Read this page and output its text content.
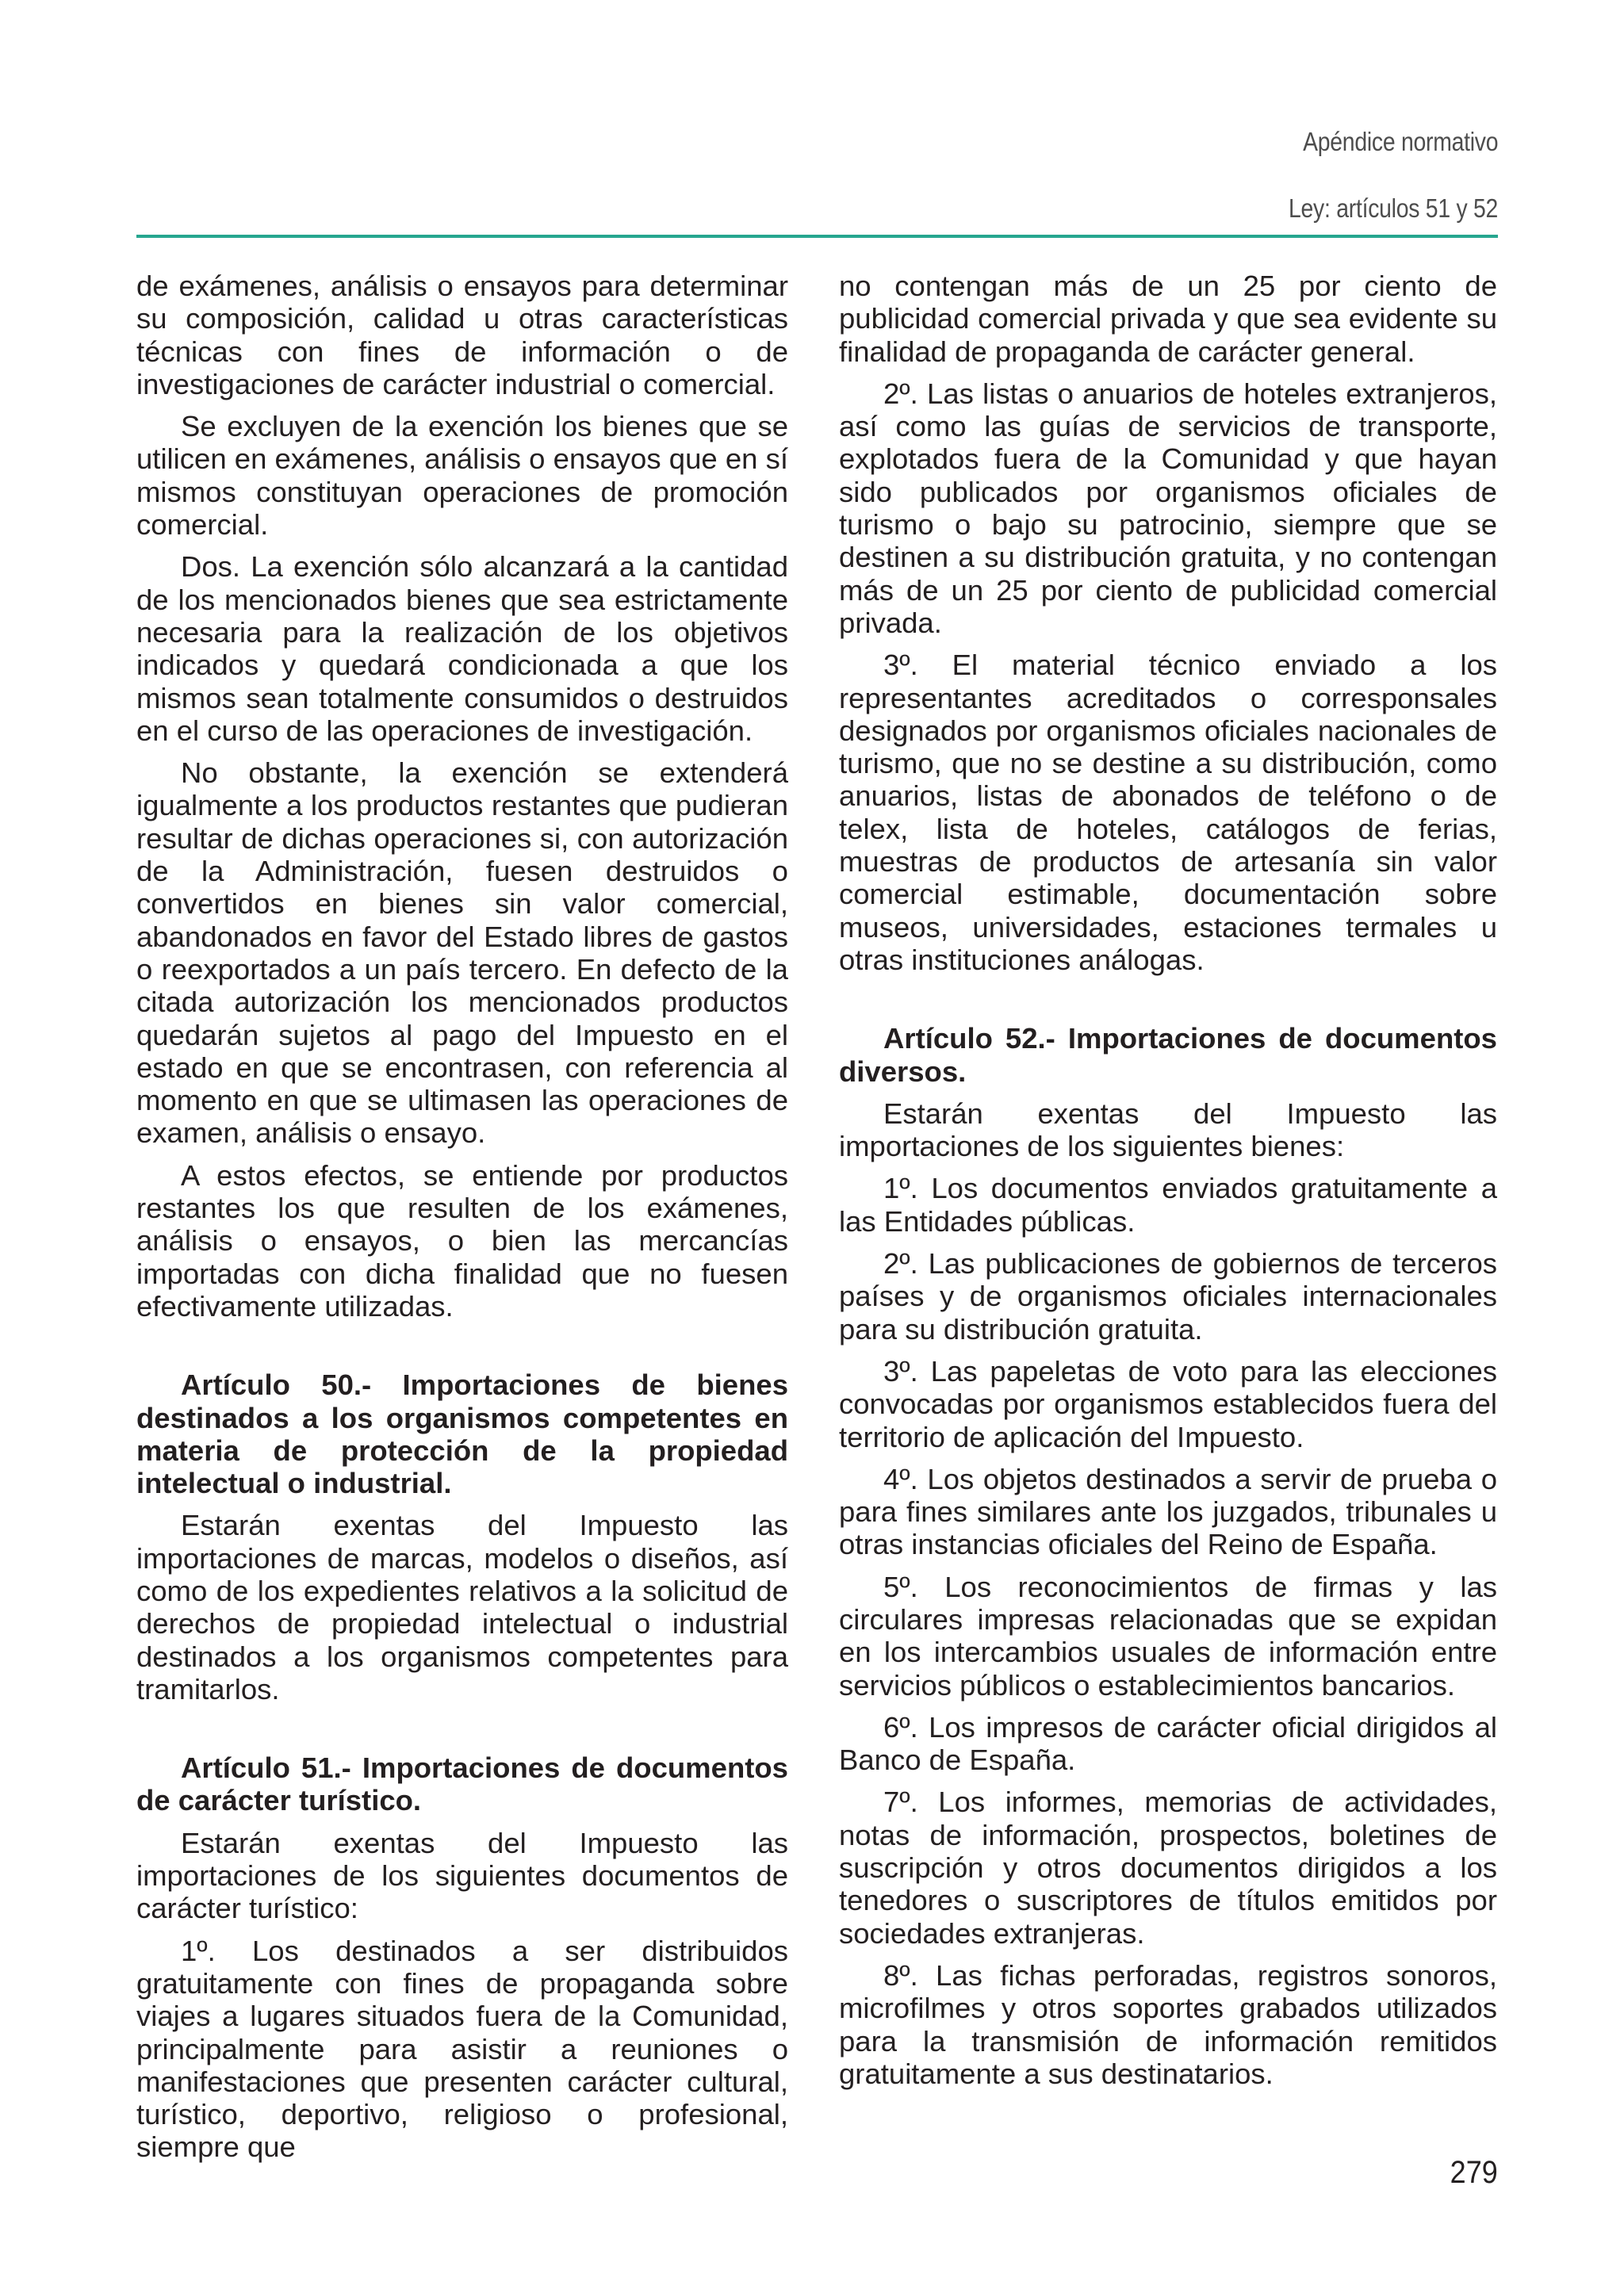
Apéndice normativo
Ley: artículos 51 y 52

de exámenes, análisis o ensayos para determinar su composición, calidad u otras características técnicas con fines de información o de investigaciones de carácter industrial o comercial.

Se excluyen de la exención los bienes que se utilicen en exámenes, análisis o ensayos que en sí mismos constituyan operaciones de promoción comercial.

Dos. La exención sólo alcanzará a la cantidad de los mencionados bienes que sea estrictamente necesaria para la realización de los objetivos indicados y quedará condicionada a que los mismos sean totalmente consumidos o destruidos en el curso de las operaciones de investigación.

No obstante, la exención se extenderá igualmente a los productos restantes que pudieran resultar de dichas operaciones si, con autorización de la Administración, fuesen destruidos o convertidos en bienes sin valor comercial, abandonados en favor del Estado libres de gastos o reexportados a un país tercero. En defecto de la citada autorización los mencionados productos quedarán sujetos al pago del Impuesto en el estado en que se encontrasen, con referencia al momento en que se ultimasen las operaciones de examen, análisis o ensayo.

A estos efectos, se entiende por productos restantes los que resulten de los exámenes, análisis o ensayos, o bien las mercancías importadas con dicha finalidad que no fuesen efectivamente utilizadas.

Artículo 50.- Importaciones de bienes destinados a los organismos competentes en materia de protección de la propiedad intelectual o industrial.

Estarán exentas del Impuesto las importaciones de marcas, modelos o diseños, así como de los expedientes relativos a la solicitud de derechos de propiedad intelectual o industrial destinados a los organismos competentes para tramitarlos.

Artículo 51.- Importaciones de documentos de carácter turístico.

Estarán exentas del Impuesto las importaciones de los siguientes documentos de carácter turístico:

1º. Los destinados a ser distribuidos gratuitamente con fines de propaganda sobre viajes a lugares situados fuera de la Comunidad, principalmente para asistir a reuniones o manifestaciones que presenten carácter cultural, turístico, deportivo, religioso o profesional, siempre que

no contengan más de un 25 por ciento de publicidad comercial privada y que sea evidente su finalidad de propaganda de carácter general.

2º. Las listas o anuarios de hoteles extranjeros, así como las guías de servicios de transporte, explotados fuera de la Comunidad y que hayan sido publicados por organismos oficiales de turismo o bajo su patrocinio, siempre que se destinen a su distribución gratuita, y no contengan más de un 25 por ciento de publicidad comercial privada.

3º. El material técnico enviado a los representantes acreditados o corresponsales designados por organismos oficiales nacionales de turismo, que no se destine a su distribución, como anuarios, listas de abonados de teléfono o de telex, lista de hoteles, catálogos de ferias, muestras de productos de artesanía sin valor comercial estimable, documentación sobre museos, universidades, estaciones termales u otras instituciones análogas.

Artículo 52.- Importaciones de documentos diversos.

Estarán exentas del Impuesto las importaciones de los siguientes bienes:

1º. Los documentos enviados gratuitamente a las Entidades públicas.

2º. Las publicaciones de gobiernos de terceros países y de organismos oficiales internacionales para su distribución gratuita.

3º. Las papeletas de voto para las elecciones convocadas por organismos establecidos fuera del territorio de aplicación del Impuesto.

4º. Los objetos destinados a servir de prueba o para fines similares ante los juzgados, tribunales u otras instancias oficiales del Reino de España.

5º. Los reconocimientos de firmas y las circulares impresas relacionadas que se expidan en los intercambios usuales de información entre servicios públicos o establecimientos bancarios.

6º. Los impresos de carácter oficial dirigidos al Banco de España.

7º. Los informes, memorias de actividades, notas de información, prospectos, boletines de suscripción y otros documentos dirigidos a los tenedores o suscriptores de títulos emitidos por sociedades extranjeras.

8º. Las fichas perforadas, registros sonoros, microfilmes y otros soportes grabados utilizados para la transmisión de información remitidos gratuitamente a sus destinatarios.

279
